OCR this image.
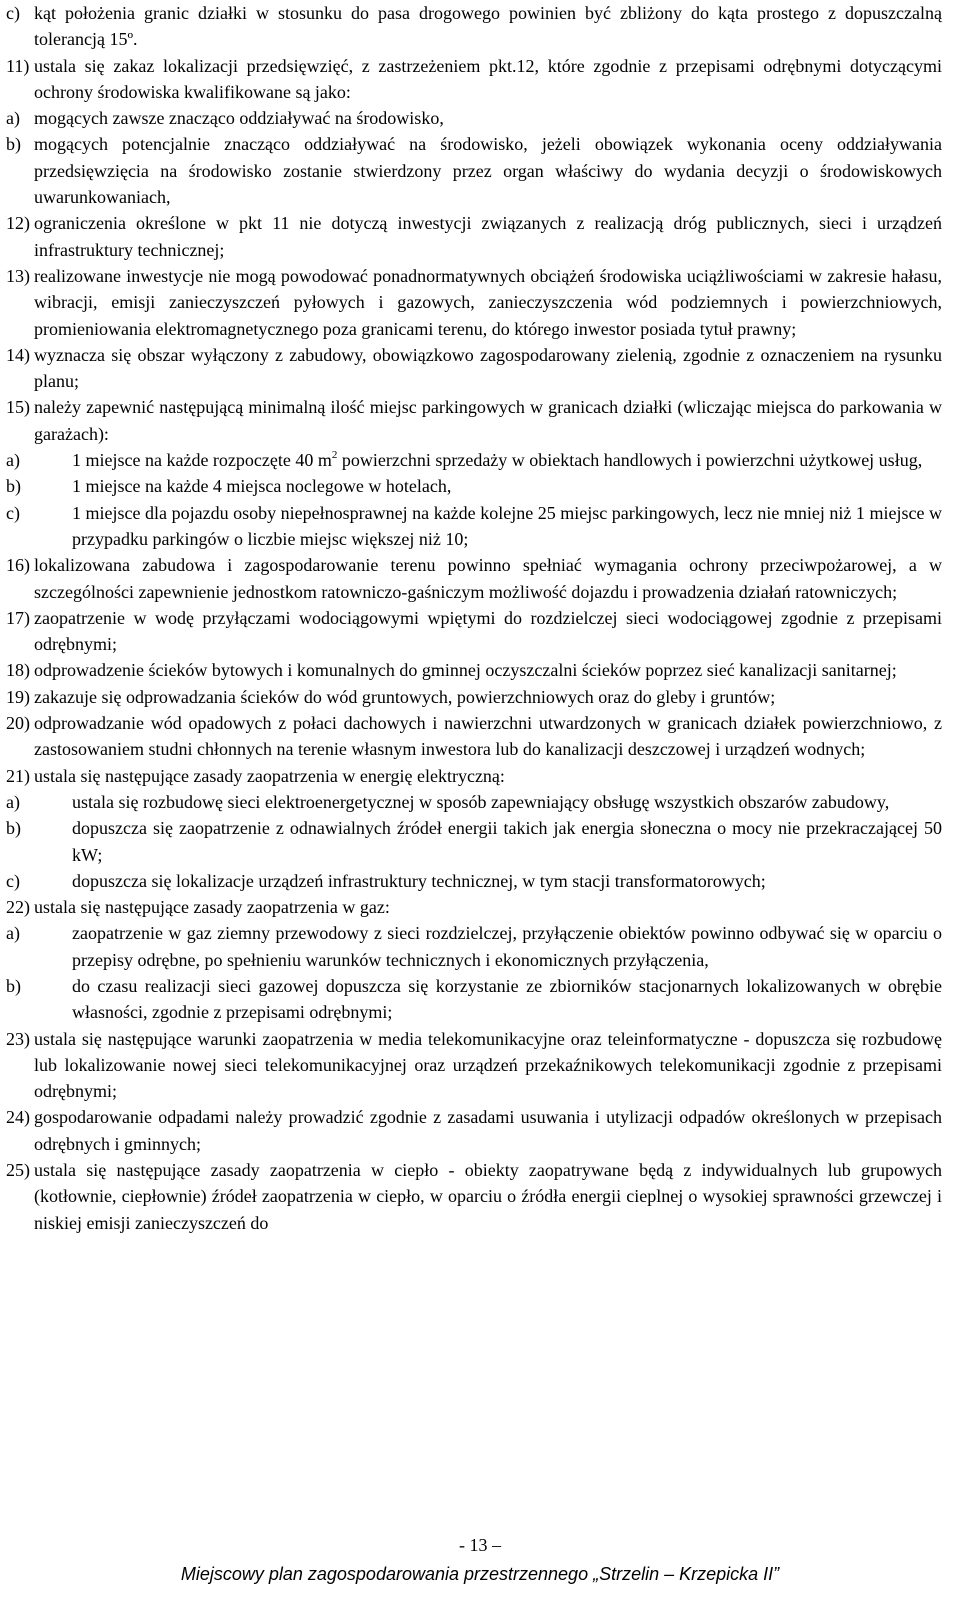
c) kąt położenia granic działki w stosunku do pasa drogowego powinien być zbliżony do kąta prostego z dopuszczalną tolerancją 15º.
11) ustala się zakaz lokalizacji przedsięwzięć, z zastrzeżeniem pkt.12, które zgodnie z przepisami odrębnymi dotyczącymi ochrony środowiska kwalifikowane są jako:
a) mogących zawsze znacząco oddziaływać na środowisko,
b) mogących potencjalnie znacząco oddziaływać na środowisko, jeżeli obowiązek wykonania oceny oddziaływania przedsięwzięcia na środowisko zostanie stwierdzony przez organ właściwy do wydania decyzji o środowiskowych uwarunkowaniach,
12) ograniczenia określone w pkt 11 nie dotyczą inwestycji związanych z realizacją dróg publicznych, sieci i urządzeń infrastruktury technicznej;
13) realizowane inwestycje nie mogą powodować ponadnormatywnych obciążeń środowiska uciążliwościami w zakresie hałasu, wibracji, emisji zanieczyszczeń pyłowych i gazowych, zanieczyszczenia wód podziemnych i powierzchniowych, promieniowania elektromagnetycznego poza granicami terenu, do którego inwestor posiada tytuł prawny;
14) wyznacza się obszar wyłączony z zabudowy, obowiązkowo zagospodarowany zielenią, zgodnie z oznaczeniem na rysunku planu;
15) należy zapewnić następującą minimalną ilość miejsc parkingowych w granicach działki (wliczając miejsca do parkowania w garażach):
a)	1 miejsce na każde rozpoczęte 40 $m^2$ powierzchni sprzedaży w obiektach handlowych i powierzchni użytkowej usług,
b)	1 miejsce na każde 4 miejsca noclegowe w hotelach,
c)	1 miejsce dla pojazdu osoby niepełnosprawnej na każde kolejne 25 miejsc parkingowych, lecz nie mniej niż 1 miejsce w przypadku parkingów o liczbie miejsc większej niż 10;
16) lokalizowana zabudowa i zagospodarowanie terenu powinno spełniać wymagania ochrony przeciwpożarowej, a w szczególności zapewnienie jednostkom ratowniczo-gaśniczym możliwość dojazdu i prowadzenia działań ratowniczych;
17) zaopatrzenie w wodę przyłączami wodociągowymi wpiętymi do rozdzielczej sieci wodociągowej zgodnie z przepisami odrębnymi;
18) odprowadzenie ścieków bytowych i komunalnych do gminnej oczyszczalni ścieków poprzez sieć kanalizacji sanitarnej;
19) zakazuje się odprowadzania ścieków do wód gruntowych, powierzchniowych oraz do gleby i gruntów;
20) odprowadzanie wód opadowych z połaci dachowych i nawierzchni utwardzonych w granicach działek powierzchniowo, z zastosowaniem studni chłonnych na terenie własnym inwestora lub do kanalizacji deszczowej i urządzeń wodnych;
21) ustala się następujące zasady zaopatrzenia w energię elektryczną:
a)	ustala się rozbudowę sieci elektroenergetycznej w sposób zapewniający obsługę wszystkich obszarów zabudowy,
b)	dopuszcza się zaopatrzenie z odnawialnych źródeł energii takich jak energia słoneczna o mocy nie przekraczającej 50 kW;
c)	dopuszcza się lokalizacje urządzeń infrastruktury technicznej, w tym stacji transformatorowych;
22) ustala się następujące zasady zaopatrzenia w gaz:
a)	zaopatrzenie w gaz ziemny przewodowy z sieci rozdzielczej, przyłączenie obiektów powinno odbywać się w oparciu o przepisy odrębne, po spełnieniu warunków technicznych i ekonomicznych przyłączenia,
b)	do czasu realizacji sieci gazowej dopuszcza się korzystanie ze zbiorników stacjonarnych lokalizowanych w obrębie własności, zgodnie z przepisami odrębnymi;
23) ustala się następujące warunki zaopatrzenia w media telekomunikacyjne oraz teleinformatyczne - dopuszcza się rozbudowę lub lokalizowanie nowej sieci telekomunikacyjnej oraz urządzeń przekaźnikowych telekomunikacji zgodnie z przepisami odrębnymi;
24) gospodarowanie odpadami należy prowadzić zgodnie z zasadami usuwania i utylizacji odpadów określonych w przepisach odrębnych i gminnych;
25) ustala się następujące zasady zaopatrzenia w ciepło - obiekty zaopatrywane będą z indywidualnych lub grupowych (kotłownie, ciepłownie) źródeł zaopatrzenia w ciepło, w oparciu o źródła energii cieplnej o wysokiej sprawności grzewczej i niskiej emisji zanieczyszczeń do
- 13 –
Miejscowy plan zagospodarowania przestrzennego „Strzelin – Krzepicka II”
